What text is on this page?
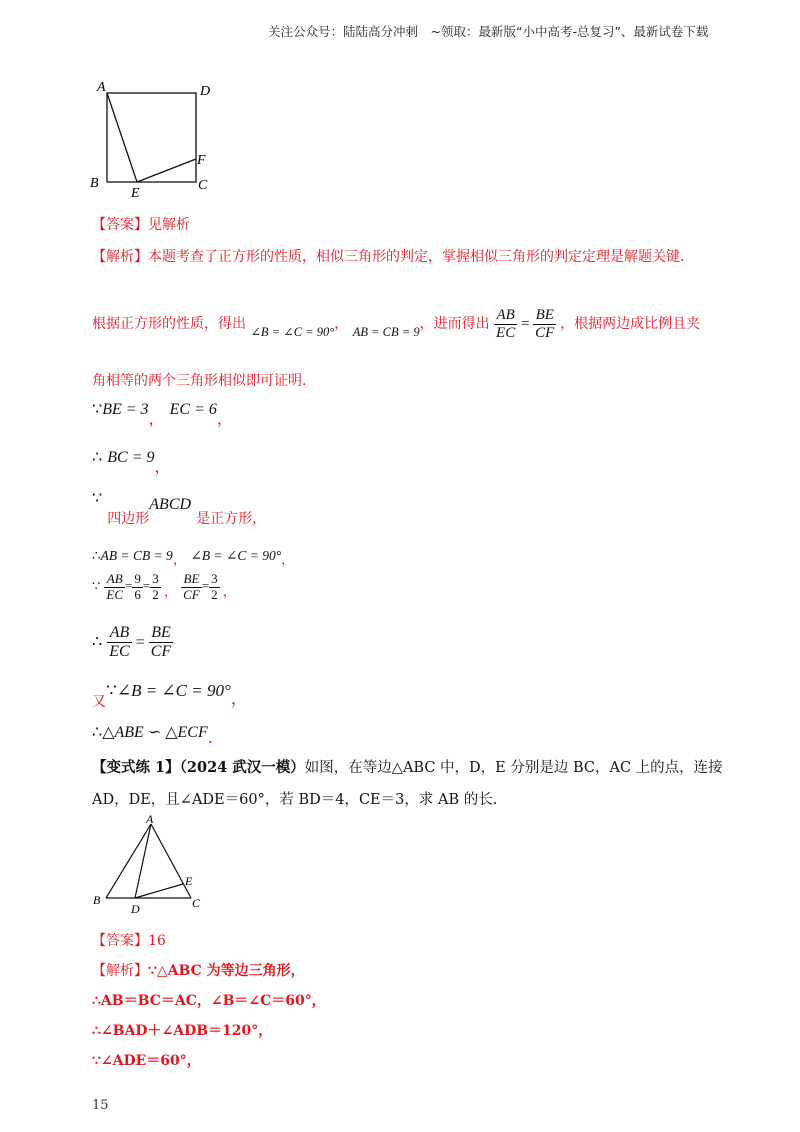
关注公众号：陆陆高分冲刺　~领取：最新版“小中高考-总复习”、最新试卷下载
A	D
B
E
C
F
【答案】见解析
【解析】本题考查了正方形的性质，相似三角形的判定，掌握相似三角形的判定定理是解题关键.
根据正方形的性质，得出 ∠B = ∠C = 90°， AB = CB = 9，进而得出 $\frac{AB}{EC} = \frac{BE}{CF}$ ，根据两边成比例且夹
角相等的两个三角形相似即可证明.
∵BE = 3， EC = 6，
∴ BC = 9，
∵ 四边形ABCD 是正方形，
∴AB = CB = 9， ∠B = ∠C = 90°，
∵ $\frac{AB}{EC} = \frac{9}{6} = \frac{3}{2}$ ， $\frac{BE}{CF} = \frac{3}{2}$ ，
∴ $\frac{AB}{EC} = \frac{BE}{CF}$
$_又$∵∠B = ∠C = 90°，
∴△ABE ∽ △ECF.
【变式练 1】（2024 武汉一模）如图，在等边△ABC 中，D，E 分别是边 BC，AC 上的点，连接
AD，DE，且∠ADE＝60°，若 BD＝4，CE＝3，求 AB 的长.
A
B	C
D
E
【答案】16
【解析】∵△ABC 为等边三角形，
∴AB＝BC＝AC，∠B＝∠C＝60°，
∴∠BAD＋∠ADB＝120°，
∵∠ADE＝60°，
15
